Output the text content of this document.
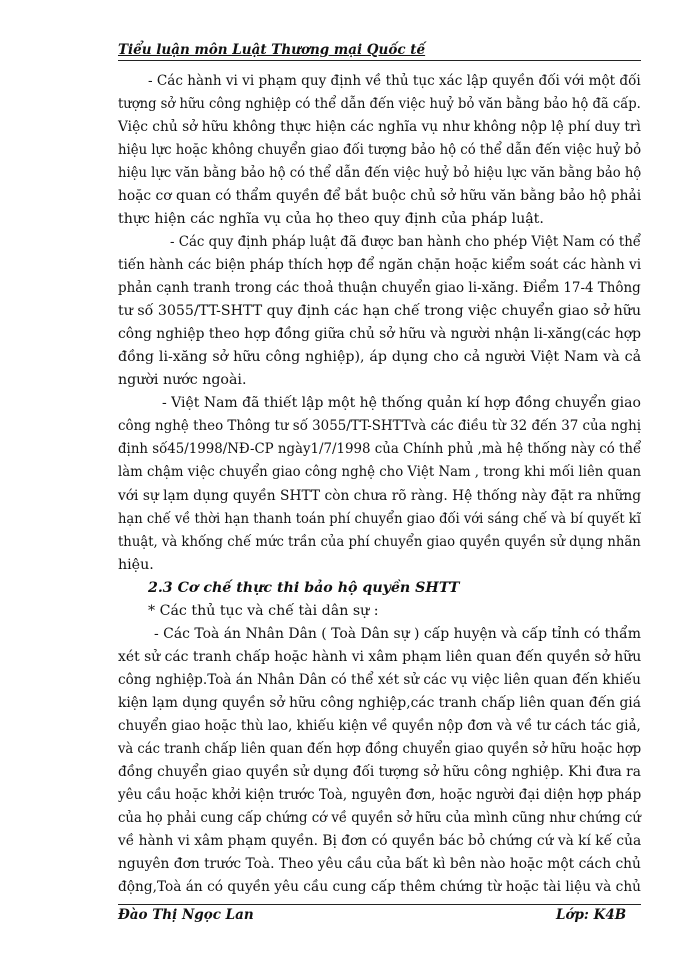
Tiểu luận môn Luật Thương mại Quốc tế
- Các hành vi vi phạm quy định về thủ tục xác lập quyền đối với một đối
tượng sở hữu công nghiệp có thể dẫn đến việc huỷ bỏ văn bằng bảo hộ đã cấp.
Việc chủ sở hữu không thực hiện các nghĩa vụ như không nộp lệ phí duy trì
hiệu lực hoặc không chuyển giao đối tượng bảo hộ có thể dẫn đến việc huỷ bỏ
hiệu lực văn bằng bảo hộ có thể dẫn đến việc huỷ bỏ hiệu lực văn bằng bảo hộ
hoặc cơ quan có thẩm quyền để bắt buộc chủ sở hữu văn bằng bảo hộ phải
thực hiện các nghĩa vụ của họ theo quy định của pháp luật.
- Các quy định pháp luật đã được ban hành cho phép Việt Nam có thể
tiến hành các biện pháp thích hợp để ngăn chặn hoặc kiểm soát các hành vi
phản cạnh tranh trong các thoả thuận chuyển giao li-xăng. Điểm 17-4 Thông
tư số 3055/TT-SHTT quy định các hạn chế trong việc chuyển giao sở hữu
công nghiệp theo hợp đồng giữa chủ sở hữu và người nhận li-xăng(các hợp
đồng li-xăng sở hữu công nghiệp), áp dụng cho cả người Việt Nam và cả
người nước ngoài.
- Việt Nam đã thiết lập một hệ thống quản kí hợp đồng chuyển giao
công nghệ theo Thông tư số 3055/TT-SHTTvà các điều từ 32 đến 37 của nghị
định số45/1998/NĐ-CP ngày1/7/1998 của Chính phủ ,mà hệ thống này có thể
làm chậm việc chuyển giao công nghệ cho Việt Nam , trong khi mối liên quan
với sự lạm dụng quyền SHTT còn chưa rõ ràng. Hệ thống này đặt ra những
hạn chế về thời hạn thanh toán phí chuyển giao đối với sáng chế và bí quyết kĩ
thuật, và khống chế mức trần của phí chuyển giao quyền quyền sử dụng nhãn
hiệu.
2.3 Cơ chế thực thi bảo hộ quyền SHTT
* Các thủ tục và chế tài dân sự :
- Các Toà án Nhân Dân ( Toà Dân sự ) cấp huyện và cấp tỉnh có thẩm
xét sử các tranh chấp hoặc hành vi xâm phạm liên quan đến quyền sở hữu
công nghiệp.Toà án Nhân Dân có thể xét sử các vụ việc liên quan đến khiếu
kiện lạm dụng quyền sở hữu công nghiệp,các tranh chấp liên quan đến giá
chuyển giao hoặc thù lao, khiếu kiện về quyền nộp đơn và về tư cách tác giả,
và các tranh chấp liên quan đến hợp đồng chuyển giao quyền sở hữu hoặc hợp
đồng chuyển giao quyền sử dụng đối tượng sở hữu công nghiệp. Khi đưa ra
yêu cầu hoặc khởi kiện trước Toà, nguyên đơn, hoặc người đại diện hợp pháp
của họ phải cung cấp chứng cớ về quyền sở hữu của mình cũng như chứng cứ
về hành vi xâm phạm quyền. Bị đơn có quyền bác bỏ chứng cứ và kí kế của
nguyên đơn trước Toà. Theo yêu cầu của bất kì bên nào hoặc một cách chủ
động,Toà án có quyền yêu cầu cung cấp thêm chứng từ hoặc tài liệu và chủ
Đào Thị Ngọc Lan	Lớp: K4B
